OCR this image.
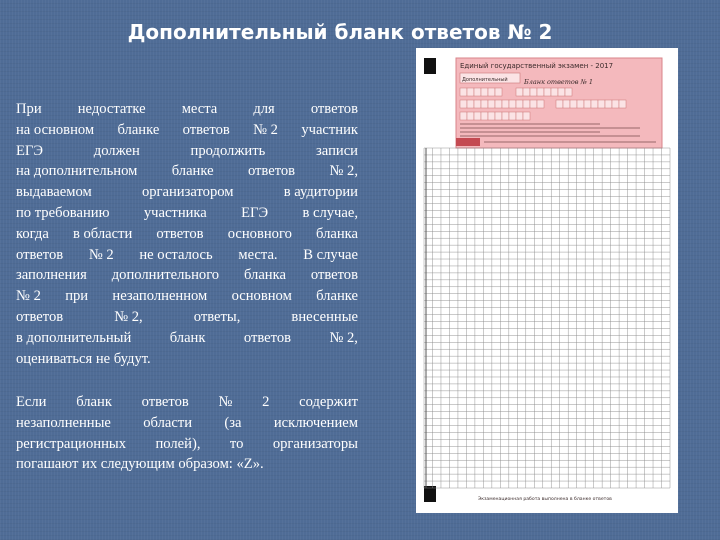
Дополнительный бланк ответов № 2
При недостатке места для ответов
на основном бланке ответов № 2 участник
ЕГЭ	должен	продолжить	записи
на дополнительном бланке ответов № 2,
выдаваемом	организатором	в аудитории
по требованию участника ЕГЭ в случае,
когда в области ответов основного бланка
ответов № 2 не осталось места. В случае
заполнения дополнительного бланка ответов
№ 2 при незаполненном основном бланке
ответов	№ 2,	ответы,	внесенные
в дополнительный	бланк	ответов	№ 2,
оцениваться не будут.
Если бланк ответов № 2 содержит
незаполненные области (за исключением
регистрационных полей), то организаторы
погашают их следующим образом: «Z».
Единый государственный экзамен - 2017
Дополнительный	Бланк ответов № 1
Экзаменационная работа выполнена в бланке ответов
